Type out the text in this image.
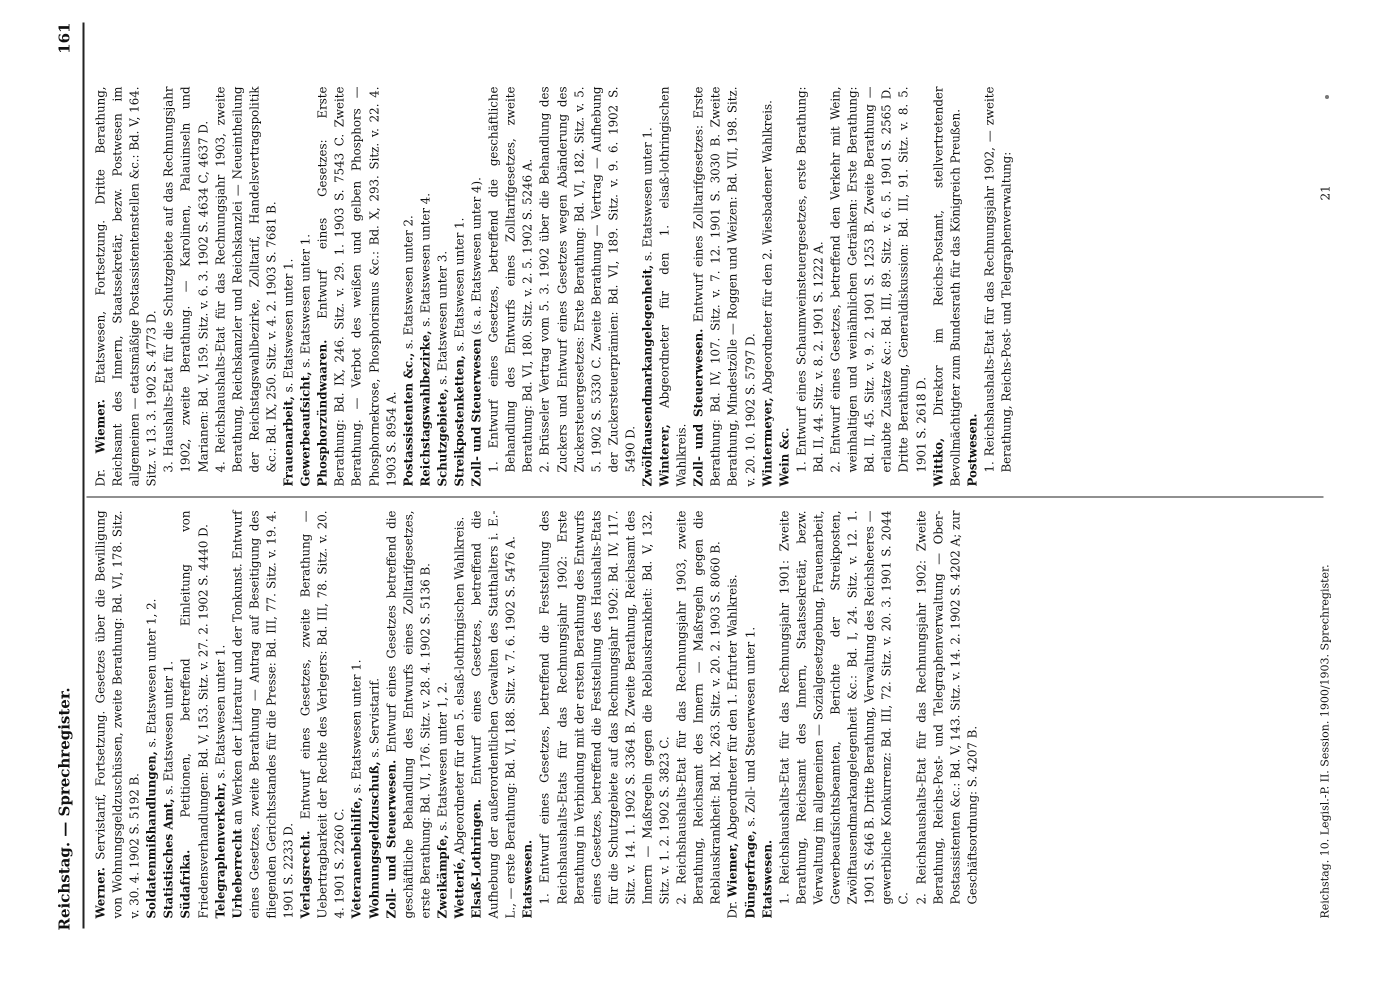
Reichstag. — Sprechregister.
161

Werner. Servistarif, Fortsetzung. Gesetzes über die Bewilligung von Wohnungsgeldzuschüssen, zweite Berathung: Bd. VI, 178. Sitz. v. 30. 4. 1902 S. 5192 B. Soldatenmißhandlungen, s. Etatswesen unter 1, 2.

Statistisches Amt, s. Etatswesen unter 1.

Südafrika. Petitionen, betreffend Einleitung von Friedensverhandlungen: Bd. V, 153. Sitz. v. 27. 2. 1902 S. 4440 D. Telegraphenverkehr, s. Etatswesen unter 1.

Urheberrecht an Werken der Literatur und der Tonkunst. Entwurf eines Gesetzes, zweite Berathung — Antrag auf Beseitigung des fliegenden Gerichtsstandes für die Presse: Bd. III, 77. Sitz. v. 19. 4. 1901 S. 2233 D. Verlagsrecht. Entwurf eines Gesetzes, zweite Berathung — Uebertragbarkeit der Rechte des Verlegers: Bd. III, 78. Sitz. v. 20. 4. 1901 S. 2260 C. Veteranenbeihilfe, s. Etatswesen unter 1.

Wohnungsgeldzuschuß, s. Servistarif.

Zoll- und Steuerwesen. Entwurf eines Gesetzes betreffend die geschäftliche Behandlung des Entwurfs eines Zolltarifgesetzes, erste Berathung: Bd. VI, 176. Sitz. v. 28. 4. 1902 S. 5136 B. Zweikämpfe, s. Etatswesen unter 1, 2.

Wetterlé, Abgeordneter für den 5. elsaß-lothringischen Wahlkreis.

Elsaß-Lothringen. Entwurf eines Gesetzes, betreffend die Aufhebung der außerordentlichen Gewalten des Statthalters i. E.-L., — erste Berathung: Bd. VI, 188. Sitz. v. 7. 6. 1902 S. 5476 A. Etatswesen. 1. Entwurf eines Gesetzes, betreffend die Feststellung des Reichshaushalts-Etats für das Rechnungsjahr 1902: Erste Berathung in Verbindung mit der ersten Berathung des Entwurfs eines Gesetzes, betreffend die Feststellung des Haushalts-Etats für die Schutzgebiete auf das Rechnungsjahr 1902: Bd. IV, 117. Sitz. v. 14. 1. 1902 S. 3364 B. Zweite Berathung, Reichsamt des Innern — Maßregeln gegen die Reblauskrankheit: Bd. V, 132. Sitz. v. 1. 2. 1902 S. 3823 C. 2. Reichshaushalts-Etat für das Rechnungsjahr 1903, zweite Berathung, Reichsamt des Innern — Maßregeln gegen die Reblauskrankheit: Bd. IX, 263. Sitz. v. 20. 2. 1903 S. 8060 B.

Dr. Wiemer, Abgeordneter für den 1. Erfurter Wahlkreis.

Düngerfrage, s. Zoll- und Steuerwesen unter 1.

Etatswesen. 1. Reichshaushalts-Etat für das Rechnungsjahr 1901: Zweite Berathung, Reichsamt des Innern, Staatssekretär, bezw. Verwaltung im allgemeinen — Sozialgesetzgebung, Frauenarbeit, Gewerbeaufsichtsbeamten, Berichte der Streikposten, Zwölftausendmarkangelegenheit &c.: Bd. I, 24. Sitz. v. 12. 1. 1901 S. 646 B. Dritte Berathung, Verwaltung des Reichsheeres — gewerbliche Konkurrenz: Bd. III, 72. Sitz. v. 20. 3. 1901 S. 2044 C. 2. Reichshaushalts-Etat für das Rechnungsjahr 1902: Zweite Berathung, Reichs-Post- und Telegraphenverwaltung — Ober-Postassistenten &c.: Bd. V, 143. Sitz. v. 14. 2. 1902 S. 4202 A; zur Geschäftsordnung: S. 4207 B.

Dr. Wiemer. Etatswesen, Fortsetzung. Dritte Berathung, Reichsamt des Innern, Staatssekretär, bezw. Postwesen im allgemeinen — etatsmäßige Postassistentenstellen &c.: Bd. V, 164. Sitz. v. 13. 3. 1902 S. 4773 D. 3. Haushalts-Etat für die Schutzgebiete auf das Rechnungsjahr 1902, zweite Berathung. — Karolinen, Palauinseln und Marianen: Bd. V, 159. Sitz. v. 6. 3. 1902 S. 4634 C, 4637 D. 4. Reichshaushalts-Etat für das Rechnungsjahr 1903, zweite Berathung, Reichskanzler und Reichskanzlei — Neueintheilung der Reichstagswahlbezirke, Zolltarif, Handelsvertragspolitik &c.: Bd. IX, 250. Sitz. v. 4. 2. 1903 S. 7681 B. Frauenarbeit, s. Etatswesen unter 1.

Gewerbeaufsicht, s. Etatswesen unter 1.

Phosphorzündwaaren. Entwurf eines Gesetzes: Erste Berathung: Bd. IX, 246. Sitz. v. 29. 1. 1903 S. 7543 C. Zweite Berathung. — Verbot des weißen und gelben Phosphors — Phosphornekrose, Phosphorismus &c.: Bd. X, 293. Sitz. v. 22. 4. 1903 S. 8954 A. Postassistenten &c., s. Etatswesen unter 2.

Reichstagswahlbezirke, s. Etatswesen unter 4.

Schutzgebiete, s. Etatswesen unter 3.

Streikpostenketten, s. Etatswesen unter 1.

Zoll- und Steuerwesen (s. a. Etatswesen unter 4). 1. Entwurf eines Gesetzes, betreffend die geschäftliche Behandlung des Entwurfs eines Zolltarifgesetzes, zweite Berathung: Bd. VI, 180. Sitz. v. 2. 5. 1902 S. 5246 A. 2. Brüsseler Vertrag vom 5. 3. 1902 über die Behandlung des Zuckers und Entwurf eines Gesetzes wegen Abänderung des Zuckersteuergesetzes: Erste Berathung: Bd. VI, 182. Sitz. v. 5. 5. 1902 S. 5330 C. Zweite Berathung — Vertrag — Aufhebung der Zuckersteuerprämien: Bd. VI, 189. Sitz. v. 9. 6. 1902 S. 5490 D. Zwölftausendmarkangelegenheit, s. Etatswesen unter 1.

Winterer, Abgeordneter für den 1. elsaß-lothringischen Wahlkreis. Zoll- und Steuerwesen. Entwurf eines Zolltarifgesetzes: Erste Berathung: Bd. IV, 107. Sitz. v. 7. 12. 1901 S. 3030 B. Zweite Berathung, Mindestzölle — Roggen und Weizen: Bd. VII, 198. Sitz. v. 20. 10. 1902 S. 5797 D. Wintermeyer, Abgeordneter für den 2. Wiesbadener Wahlkreis.

Wein &c. 1. Entwurf eines Schaumweinsteuergesetzes, erste Berathung: Bd. II, 44. Sitz. v. 8. 2. 1901 S. 1222 A. 2. Entwurf eines Gesetzes, betreffend den Verkehr mit Wein, weinhaltigen und weinähnlichen Getränken: Erste Berathung: Bd. II, 45. Sitz. v. 9. 2. 1901 S. 1253 B. Zweite Berathung — erlaubte Zusätze &c.: Bd. III, 89. Sitz. v. 6. 5. 1901 S. 2565 D. Dritte Berathung, Generaldiskussion: Bd. III, 91. Sitz. v. 8. 5. 1901 S. 2618 D. Wittko, Direktor im Reichs-Postamt, stellvertretender Bevollmächtigter zum Bundesrath für das Königreich Preußen. Postwesen. 1. Reichshaushalts-Etat für das Rechnungsjahr 1902, — zweite Berathung, Reichs-Post- und Telegraphenverwaltung:

Reichstag. 10. Legisl.-P. II. Session. 1900/1903. Sprechregister.
21
